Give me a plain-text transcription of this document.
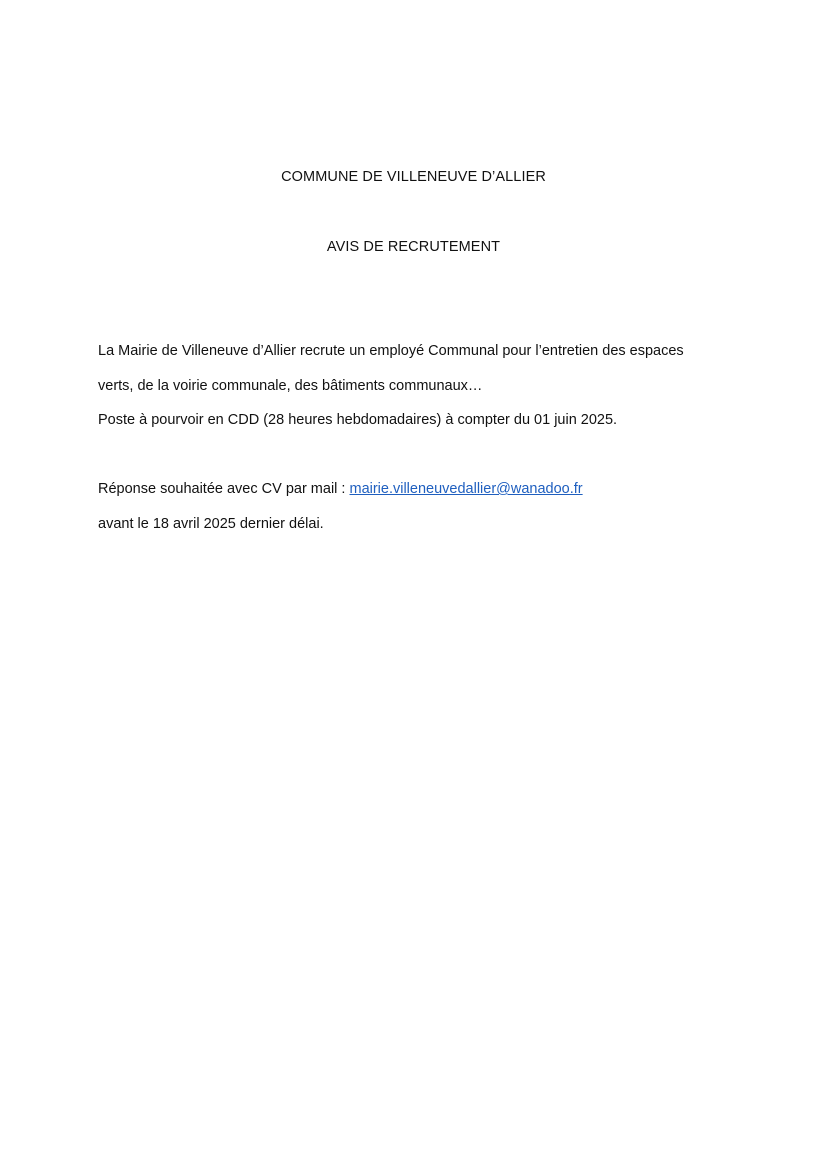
COMMUNE DE VILLENEUVE D’ALLIER
AVIS DE RECRUTEMENT
La Mairie de Villeneuve d’Allier recrute un employé Communal pour l’entretien des espaces
verts, de la voirie communale, des bâtiments communaux…
Poste à pourvoir en CDD (28 heures hebdomadaires) à compter du 01 juin 2025.
Réponse souhaitée avec CV par mail : mairie.villeneuvedallier@wanadoo.fr
avant le 18 avril 2025 dernier délai.
